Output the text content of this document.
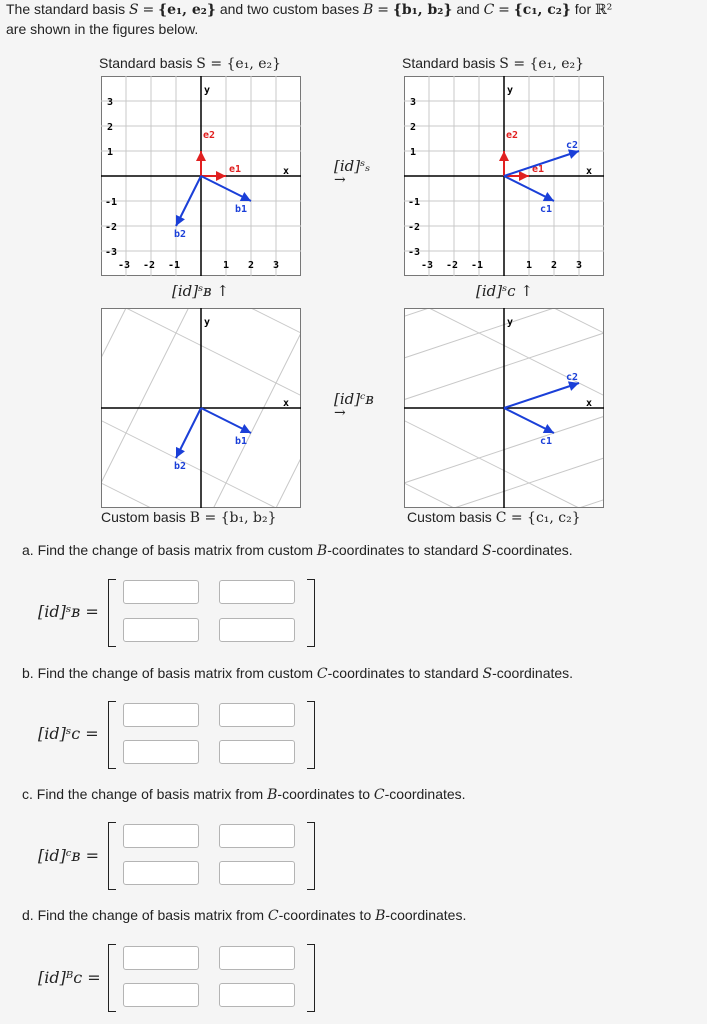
The standard basis S = {e₁, e₂} and two custom bases B = {b₁, b₂} and C = {c₁, c₂} for ℝ²
are shown in the figures below.
Standard basis S = {e₁, e₂}	Standard basis S = {e₁, e₂}
Custom basis B = {b₁, b₂}	Custom basis C = {c₁, c₂}
[id]ˢₛ
→
[id]ᶜʙ
→
[id]ˢʙ ↑	[id]ˢᴄ ↑
y
x
1
1
2
2
3
3
-1
-1
-2
-2
-3
-3
e1
e2
b1
b2
y
x
1
1
2
2
3
3
-1
-1
-2
-2
-3
-3
e1
e2
c1
c2
y
x
b1
b2
y
x
c1
c2
a. Find the change of basis matrix from custom B-coordinates to standard S-coordinates.
b. Find the change of basis matrix from custom C-coordinates to standard S-coordinates.
c. Find the change of basis matrix from B-coordinates to C-coordinates.
d. Find the change of basis matrix from C-coordinates to B-coordinates.
[id]ˢʙ =
[id]ˢᴄ =
[id]ᶜʙ =
[id]ᴮᴄ =
